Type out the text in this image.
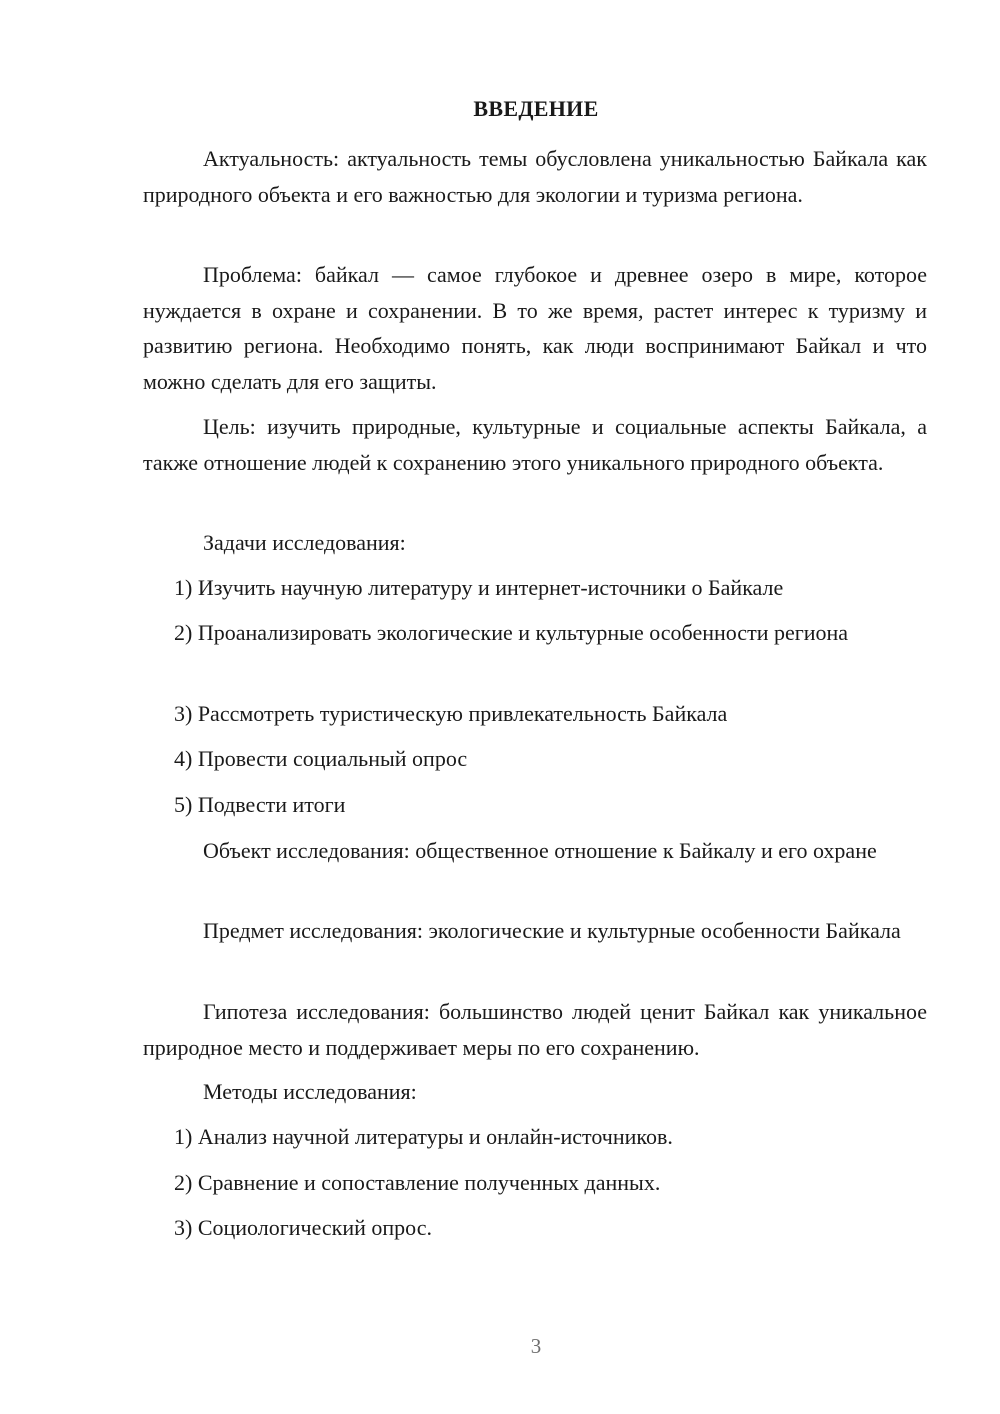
ВВЕДЕНИЕ
Актуальность: актуальность темы обусловлена уникальностью Байкала как природного объекта и его важностью для экологии и туризма региона.
Проблема: байкал — самое глубокое и древнее озеро в мире, которое нуждается в охране и сохранении. В то же время, растет интерес к туризму и развитию региона. Необходимо понять, как люди воспринимают Байкал и что можно сделать для его защиты.
Цель: изучить природные, культурные и социальные аспекты Байкала, а также отношение людей к сохранению этого уникального природного объекта.
Задачи исследования:
1) Изучить научную литературу и интернет-источники о Байкале
2) Проанализировать экологические и культурные особенности региона
3) Рассмотреть туристическую привлекательность Байкала
4) Провести социальный опрос
5) Подвести итоги
Объект исследования: общественное отношение к Байкалу и его охране
Предмет исследования: экологические и культурные особенности Байкала
Гипотеза исследования: большинство людей ценит Байкал как уникальное природное место и поддерживает меры по его сохранению.
Методы исследования:
1) Анализ научной литературы и онлайн-источников.
2) Сравнение и сопоставление полученных данных.
3) Социологический опрос.
3
